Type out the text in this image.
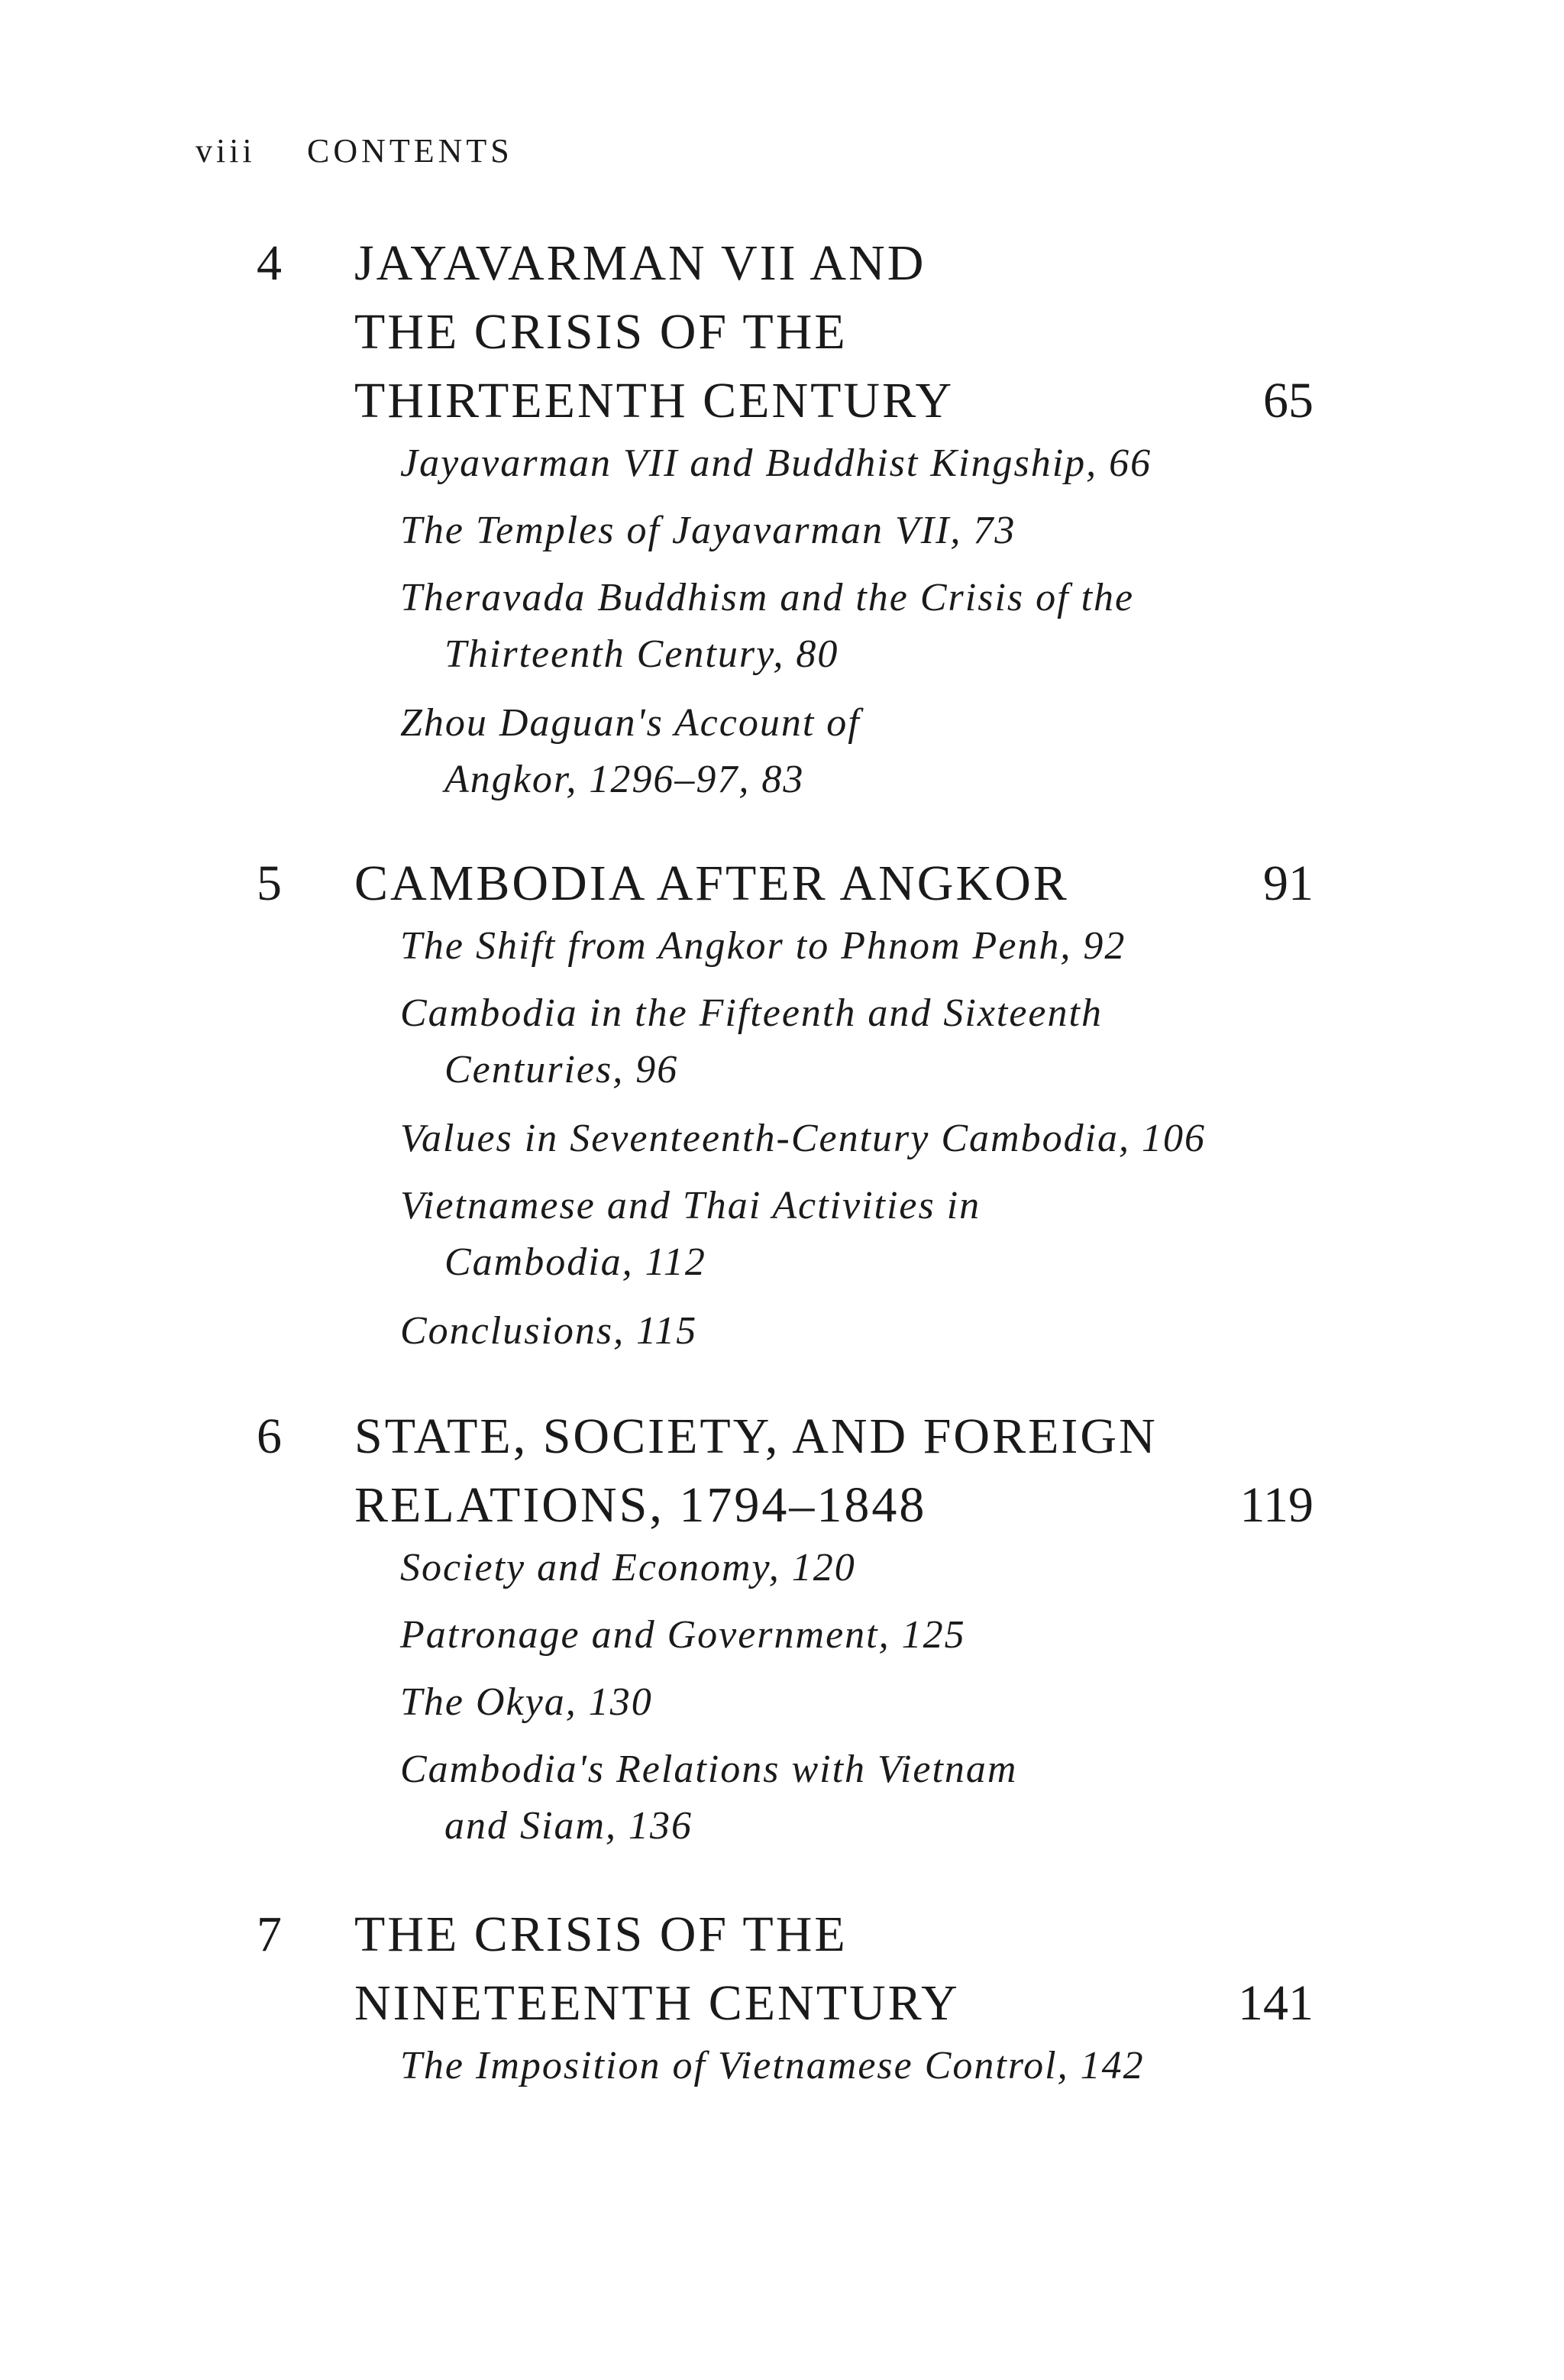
viii CONTENTS
4 JAYAVARMAN VII AND
THE CRISIS OF THE
THIRTEENTH CENTURY	65
Jayavarman VII and Buddhist Kingship, 66
The Temples of Jayavarman VII, 73
Theravada Buddhism and the Crisis of the
Thirteenth Century, 80
Zhou Daguan's Account of
Angkor, 1296–97, 83
5 CAMBODIA AFTER ANGKOR	91
The Shift from Angkor to Phnom Penh, 92
Cambodia in the Fifteenth and Sixteenth
Centuries, 96
Values in Seventeenth-Century Cambodia, 106
Vietnamese and Thai Activities in
Cambodia, 112
Conclusions, 115
6 STATE, SOCIETY, AND FOREIGN
RELATIONS, 1794–1848	119
Society and Economy, 120
Patronage and Government, 125
The Okya, 130
Cambodia's Relations with Vietnam
and Siam, 136
7 THE CRISIS OF THE
NINETEENTH CENTURY	141
The Imposition of Vietnamese Control, 142
